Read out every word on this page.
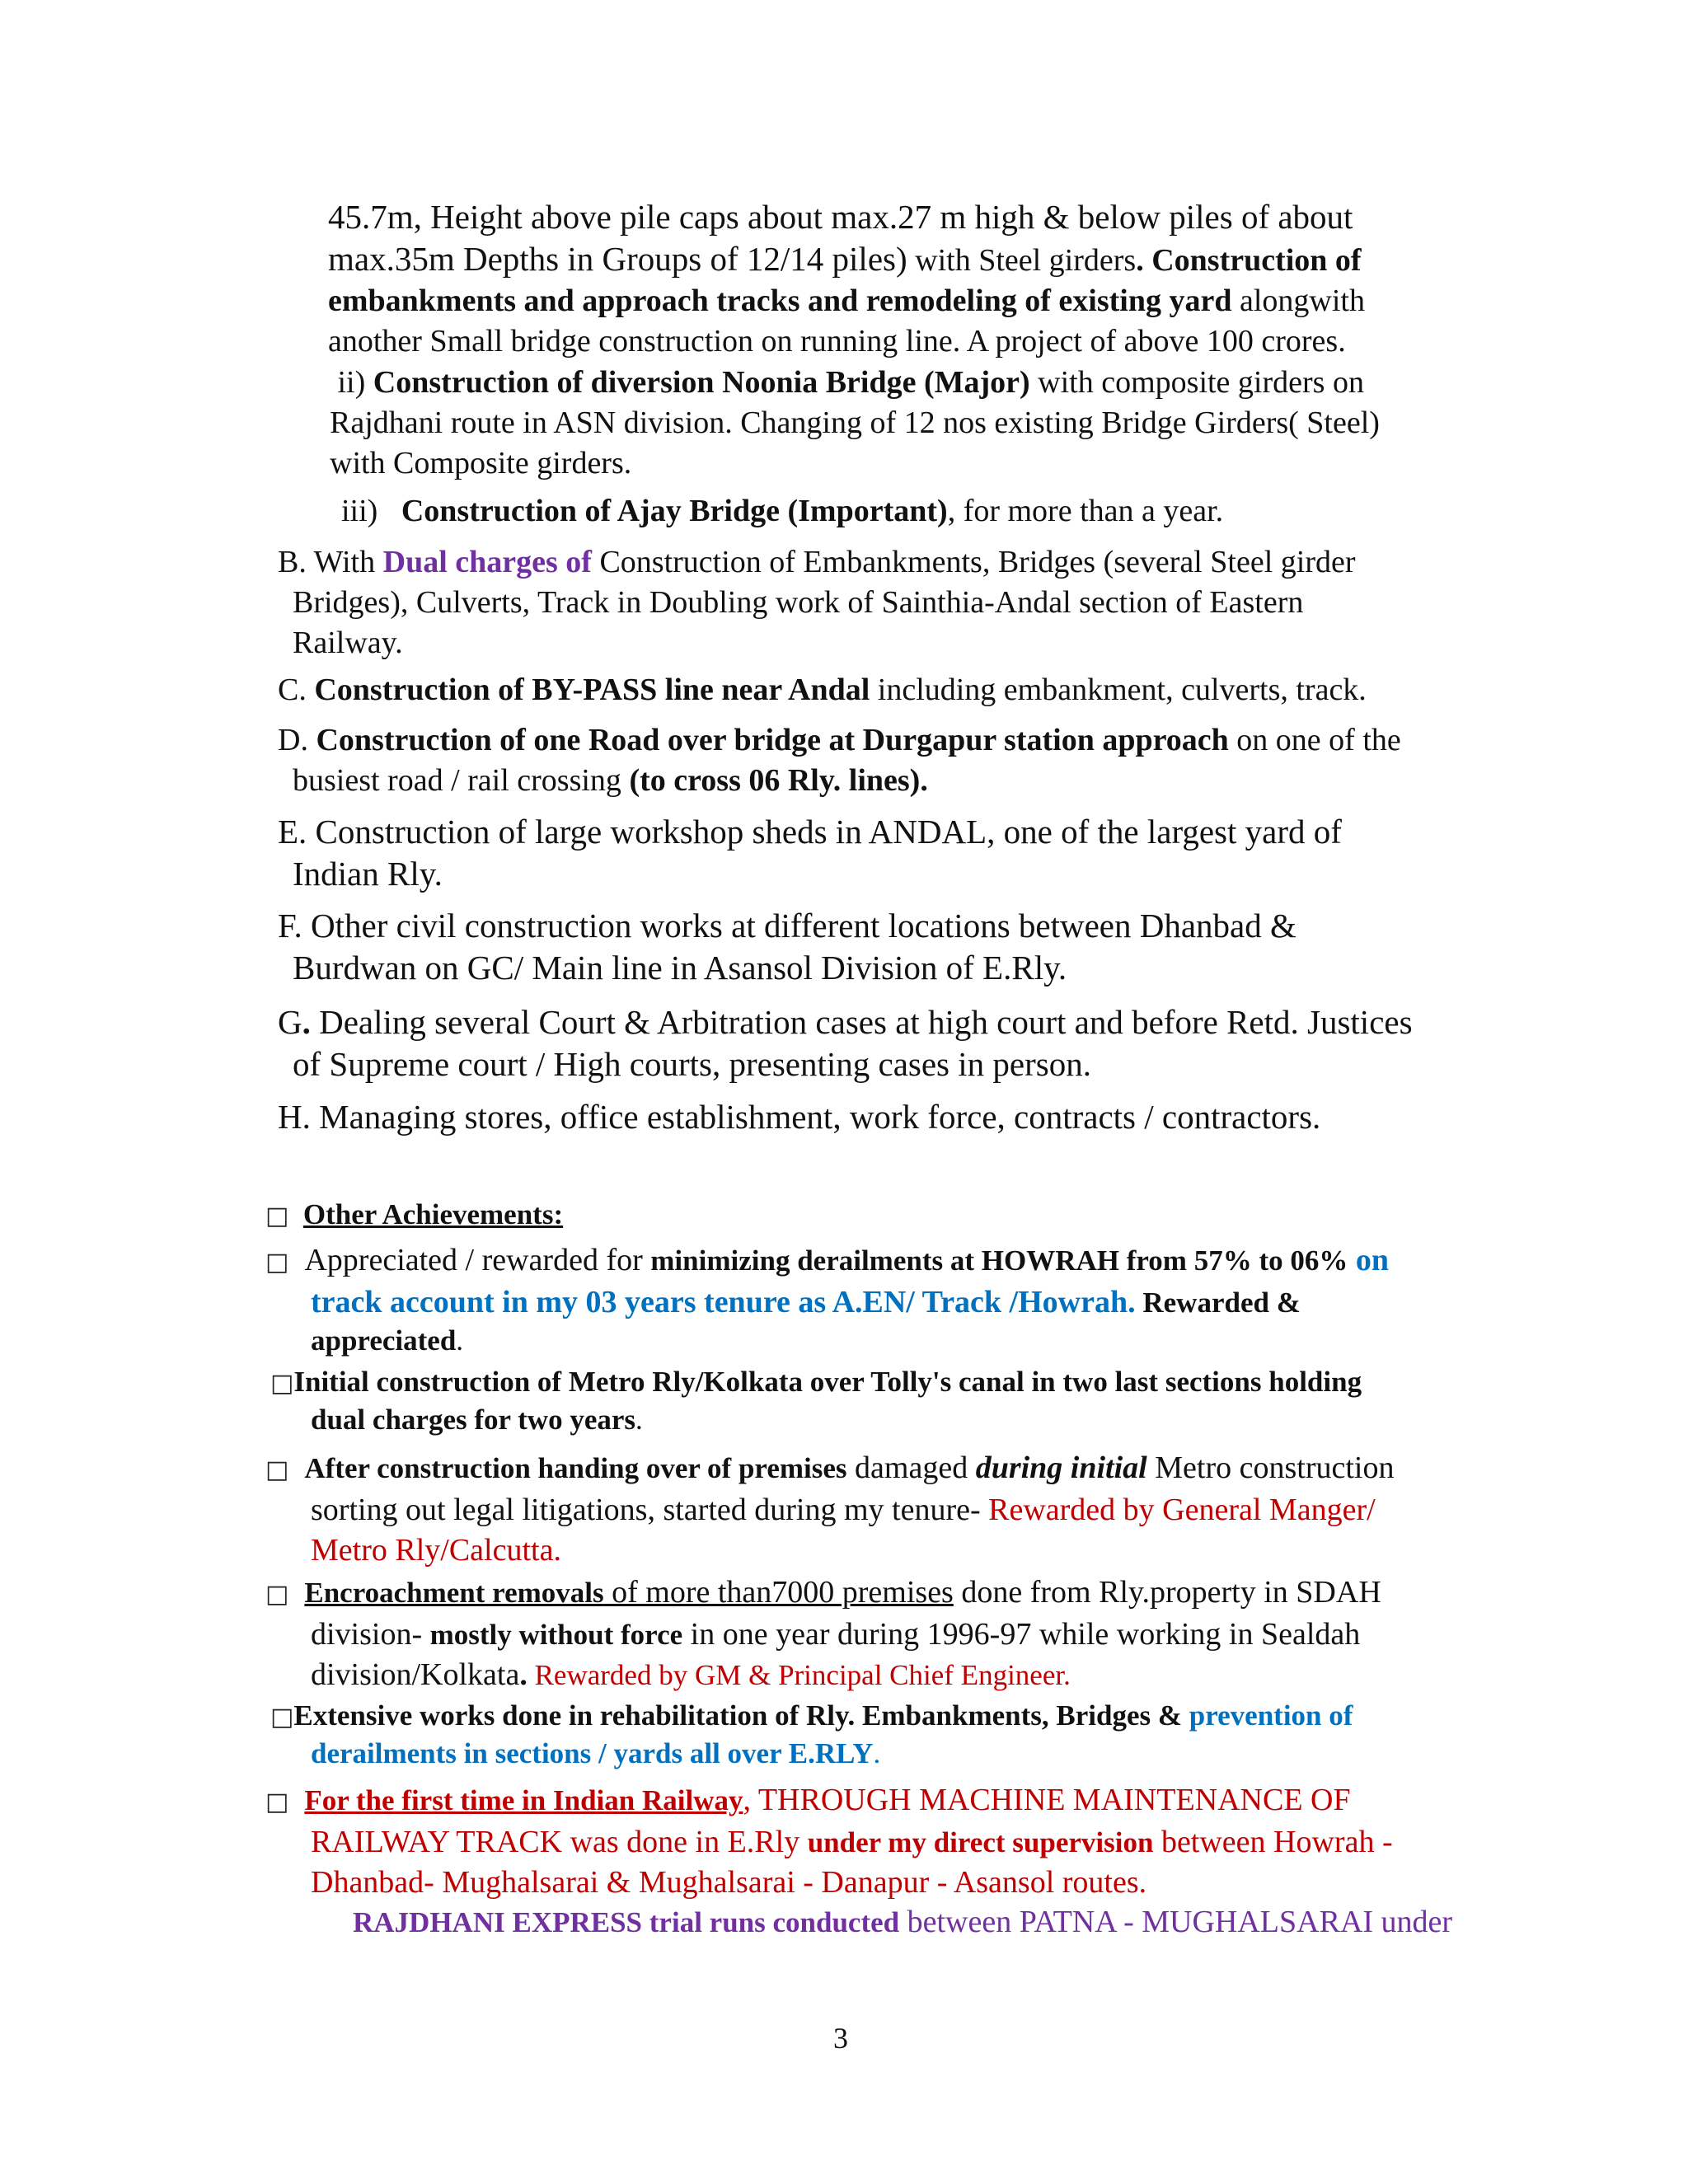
45.7m, Height above pile caps about max.27 m high & below piles of about
max.35m Depths in Groups of 12/14 piles) with Steel girders. Construction of
embankments and approach tracks and remodeling of existing yard alongwith
another Small bridge construction on running line. A project of above 100 crores.
ii) Construction of diversion Noonia Bridge (Major) with composite girders on
Rajdhani route in ASN division. Changing of 12 nos existing Bridge Girders( Steel)
with Composite girders.
iii) Construction of Ajay Bridge (Important), for more than a year.
B. With Dual charges of Construction of Embankments, Bridges (several Steel girder
Bridges), Culverts, Track in Doubling work of Sainthia-Andal section of Eastern
Railway.
C. Construction of BY-PASS line near Andal including embankment, culverts, track.
D. Construction of one Road over bridge at Durgapur station approach on one of the
busiest road / rail crossing (to cross 06 Rly. lines).
E. Construction of large workshop sheds in ANDAL, one of the largest yard of
Indian Rly.
F. Other civil construction works at different locations between Dhanbad &
Burdwan on GC/ Main line in Asansol Division of E.Rly.
G. Dealing several Court & Arbitration cases at high court and before Retd. Justices
of Supreme court / High courts, presenting cases in person.
H. Managing stores, office establishment, work force, contracts / contractors.
□ Other Achievements:
□ Appreciated / rewarded for minimizing derailments at HOWRAH from 57% to 06% on
track account in my 03 years tenure as A.EN/ Track /Howrah. Rewarded &
appreciated.
□Initial construction of Metro Rly/Kolkata over Tolly's canal in two last sections holding
dual charges for two years.
□ After construction handing over of premises damaged during initial Metro construction
sorting out legal litigations, started during my tenure- Rewarded by General Manger/
Metro Rly/Calcutta.
□ Encroachment removals of more than7000 premises done from Rly.property in SDAH
division- mostly without force in one year during 1996-97 while working in Sealdah
division/Kolkata. Rewarded by GM & Principal Chief Engineer.
□Extensive works done in rehabilitation of Rly. Embankments, Bridges & prevention of
derailments in sections / yards all over E.RLY.
□ For the first time in Indian Railway, THROUGH MACHINE MAINTENANCE OF
RAILWAY TRACK was done in E.Rly under my direct supervision between Howrah -
Dhanbad- Mughalsarai & Mughalsarai - Danapur - Asansol routes.
RAJDHANI EXPRESS trial runs conducted between PATNA - MUGHALSARAI under
3
